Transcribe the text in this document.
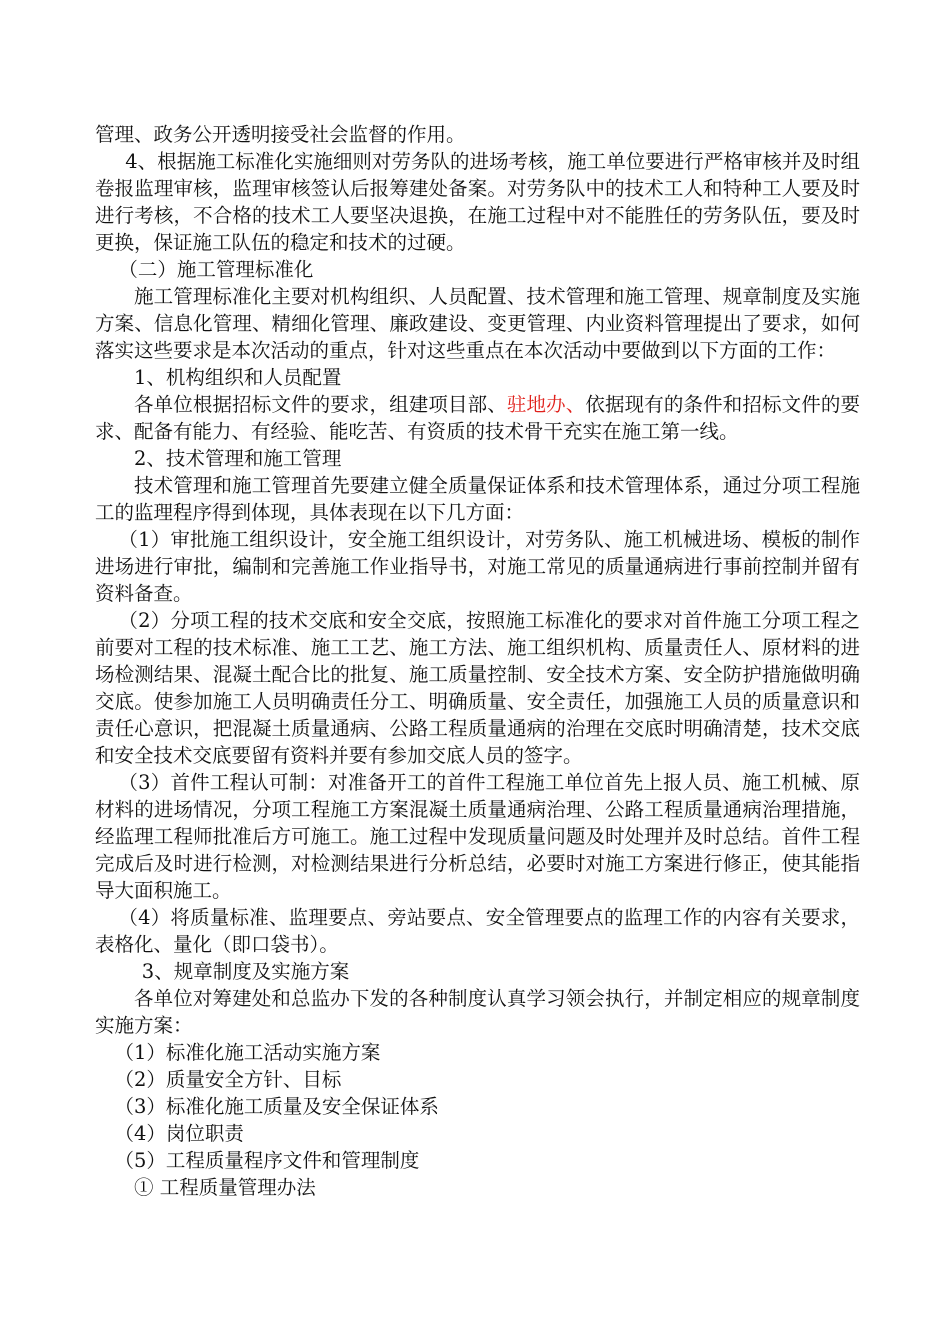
管理、政务公开透明接受社会监督的作用。

4、根据施工标准化实施细则对劳务队的进场考核，施工单位要进行严格审核并及时组卷报监理审核，监理审核签认后报筹建处备案。对劳务队中的技术工人和特种工人要及时进行考核，不合格的技术工人要坚决退换，在施工过程中对不能胜任的劳务队伍，要及时更换，保证施工队伍的稳定和技术的过硬。

（二）施工管理标准化

施工管理标准化主要对机构组织、人员配置、技术管理和施工管理、规章制度及实施方案、信息化管理、精细化管理、廉政建设、变更管理、内业资料管理提出了要求，如何落实这些要求是本次活动的重点，针对这些重点在本次活动中要做到以下方面的工作：

1、机构组织和人员配置

各单位根据招标文件的要求，组建项目部、驻地办、依据现有的条件和招标文件的要求、配备有能力、有经验、能吃苦、有资质的技术骨干充实在施工第一线。

2、技术管理和施工管理

技术管理和施工管理首先要建立健全质量保证体系和技术管理体系，通过分项工程施工的监理程序得到体现，具体表现在以下几方面：

（1）审批施工组织设计，安全施工组织设计，对劳务队、施工机械进场、模板的制作进场进行审批，编制和完善施工作业指导书，对施工常见的质量通病进行事前控制并留有资料备查。

（2）分项工程的技术交底和安全交底，按照施工标准化的要求对首件施工分项工程之前要对工程的技术标准、施工工艺、施工方法、施工组织机构、质量责任人、原材料的进场检测结果、混凝土配合比的批复、施工质量控制、安全技术方案、安全防护措施做明确交底。使参加施工人员明确责任分工、明确质量、安全责任，加强施工人员的质量意识和责任心意识，把混凝土质量通病、公路工程质量通病的治理在交底时明确清楚，技术交底和安全技术交底要留有资料并要有参加交底人员的签字。

（3）首件工程认可制：对准备开工的首件工程施工单位首先上报人员、施工机械、原材料的进场情况，分项工程施工方案混凝土质量通病治理、公路工程质量通病治理措施，经监理工程师批准后方可施工。施工过程中发现质量问题及时处理并及时总结。首件工程完成后及时进行检测，对检测结果进行分析总结，必要时对施工方案进行修正，使其能指导大面积施工。

（4）将质量标准、监理要点、旁站要点、安全管理要点的监理工作的内容有关要求，表格化、量化（即口袋书）。

3、规章制度及实施方案

各单位对筹建处和总监办下发的各种制度认真学习领会执行，并制定相应的规章制度实施方案：

（1）标准化施工活动实施方案

（2）质量安全方针、目标

（3）标准化施工质量及安全保证体系

（4）岗位职责

（5）工程质量程序文件和管理制度

① 工程质量管理办法
